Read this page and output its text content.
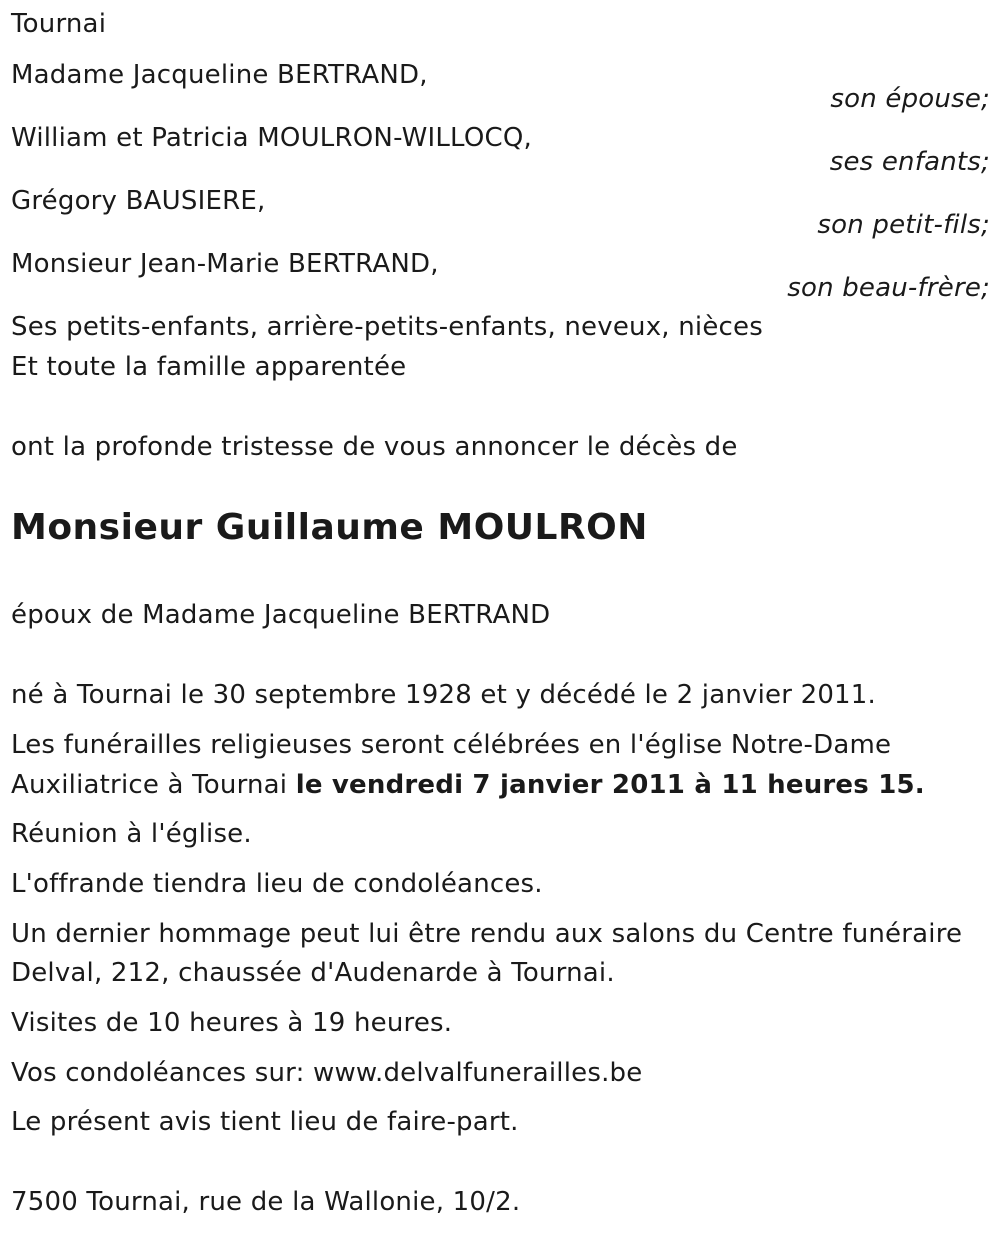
Tournai
Madame Jacqueline BERTRAND,
son épouse;
William et Patricia MOULRON-WILLOCQ,
ses enfants;
Grégory BAUSIERE,
son petit-fils;
Monsieur Jean-Marie BERTRAND,
son beau-frère;
Ses petits-enfants, arrière-petits-enfants, neveux, nièces
Et toute la famille apparentée
ont la profonde tristesse de vous annoncer le décès de
Monsieur Guillaume MOULRON
époux de Madame Jacqueline BERTRAND
né à Tournai le 30 septembre 1928 et y décédé le 2 janvier 2011.
Les funérailles religieuses seront célébrées en l'église Notre-Dame
Auxiliatrice à Tournai le vendredi 7 janvier 2011 à 11 heures 15.
Réunion à l'église.
L'offrande tiendra lieu de condoléances.
Un dernier hommage peut lui être rendu aux salons du Centre funéraire
Delval, 212, chaussée d'Audenarde à Tournai.
Visites de 10 heures à 19 heures.
Vos condoléances sur: www.delvalfunerailles.be
Le présent avis tient lieu de faire-part.
7500 Tournai, rue de la Wallonie, 10/2.
